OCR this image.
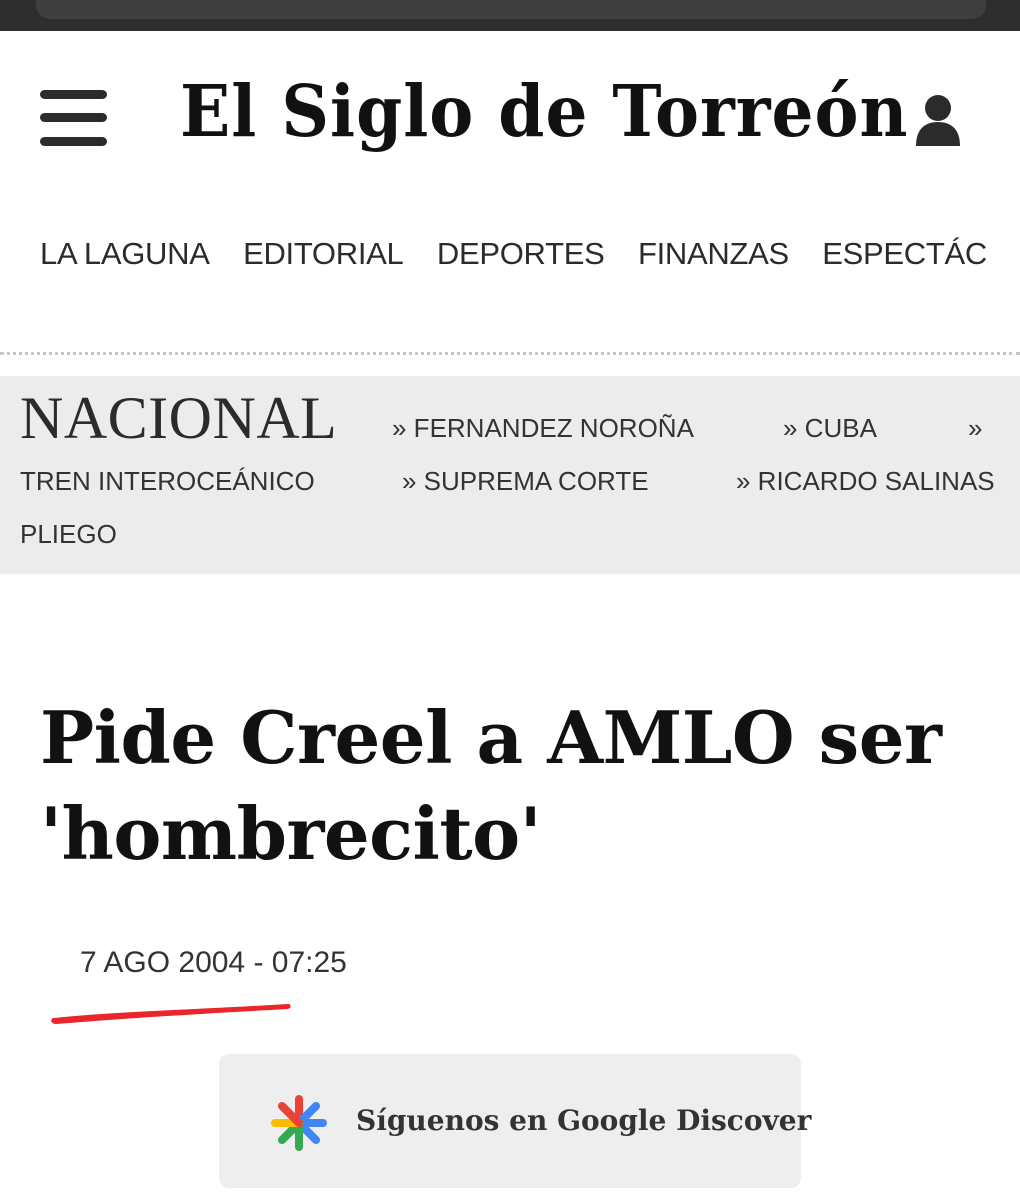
El Siglo de Torreón
LA LAGUNA EDITORIAL DEPORTES FINANZAS ESPECTÁC
NACIONAL » FERNANDEZ NOROÑA	» CUBA	»
TREN INTEROCEÁNICO	» SUPREMA CORTE	» RICARDO SALINAS
PLIEGO
Pide Creel a AMLO ser 'hombrecito'
7 AGO 2004 - 07:25
Síguenos en Google Discover
